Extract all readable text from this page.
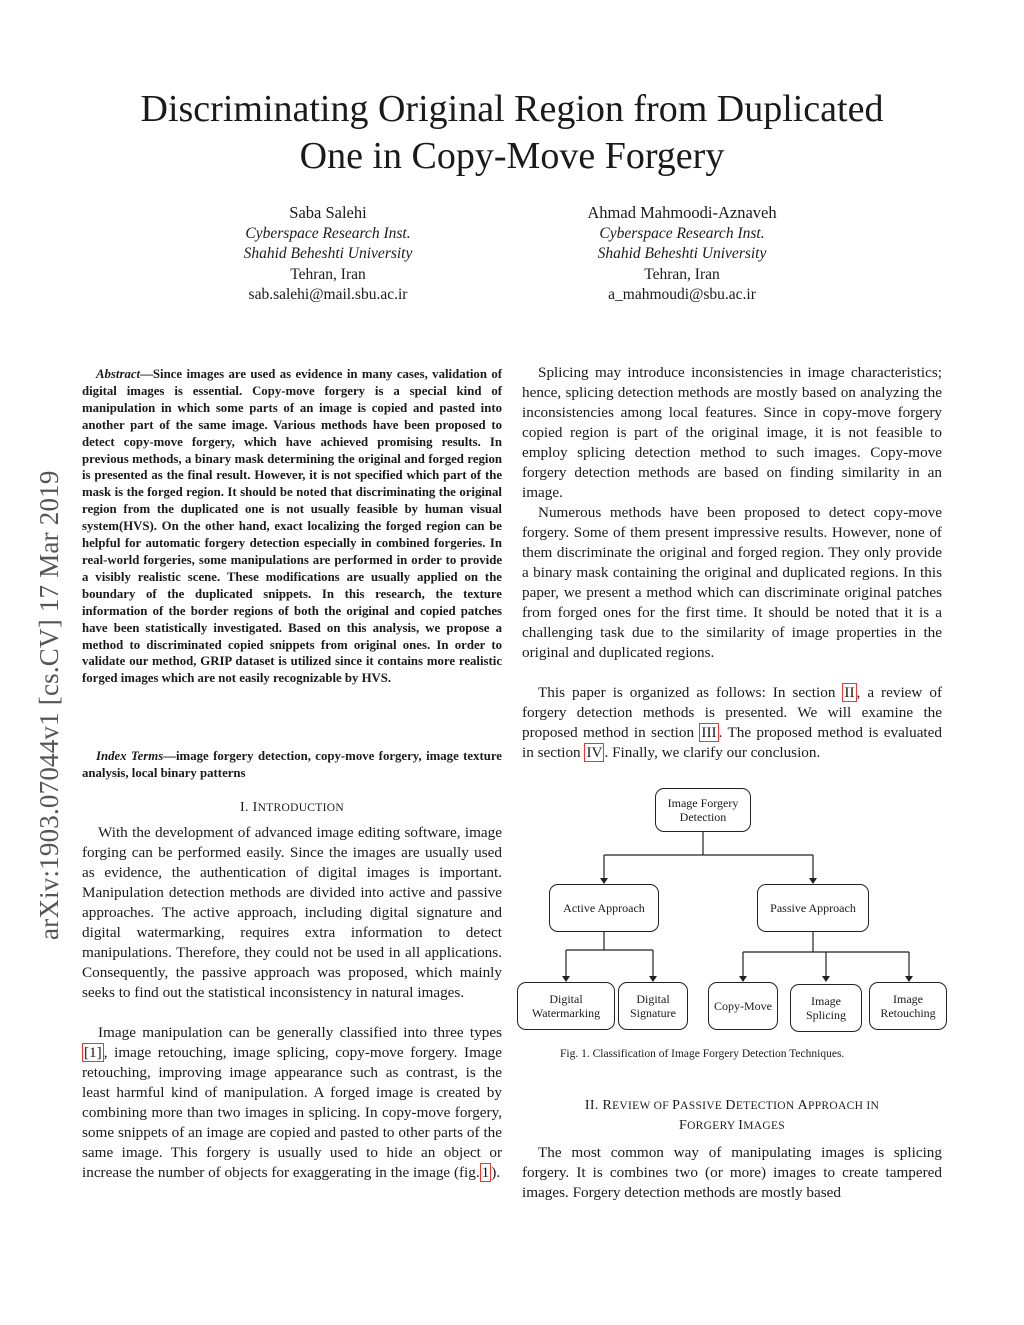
Discriminating Original Region from Duplicated
One in Copy-Move Forgery
Saba Salehi
Cyberspace Research Inst.
Shahid Beheshti University
Tehran, Iran
sab.salehi@mail.sbu.ac.ir
Ahmad Mahmoodi-Aznaveh
Cyberspace Research Inst.
Shahid Beheshti University
Tehran, Iran
a_mahmoudi@sbu.ac.ir
arXiv:1903.07044v1 [cs.CV] 17 Mar 2019

Abstract—Since images are used as evidence in many cases, validation of digital images is essential. Copy-move forgery is a special kind of manipulation in which some parts of an image is copied and pasted into another part of the same image. Various methods have been proposed to detect copy-move forgery, which have achieved promising results. In previous methods, a binary mask determining the original and forged region is presented as the final result. However, it is not specified which part of the mask is the forged region. It should be noted that discriminating the original region from the duplicated one is not usually feasible by human visual system(HVS). On the other hand, exact localizing the forged region can be helpful for automatic forgery detection especially in combined forgeries. In real-world forgeries, some manipulations are performed in order to provide a visibly realistic scene. These modifications are usually applied on the boundary of the duplicated snippets. In this research, the texture information of the border regions of both the original and copied patches have been statistically investigated. Based on this analysis, we propose a method to discriminated copied snippets from original ones. In order to validate our method, GRIP dataset is utilized since it contains more realistic forged images which are not easily recognizable by HVS.

Index Terms—image forgery detection, copy-move forgery, image texture analysis, local binary patterns

I. INTRODUCTION

With the development of advanced image editing software, image forging can be performed easily. Since the images are usually used as evidence, the authentication of digital images is important. Manipulation detection methods are divided into active and passive approaches. The active approach, including digital signature and digital watermarking, requires extra information to detect manipulations. Therefore, they could not be used in all applications. Consequently, the passive approach was proposed, which mainly seeks to find out the statistical inconsistency in natural images.

Image manipulation can be generally classified into three types [1] , image retouching, image splicing, copy-move forgery. Image retouching, improving image appearance such as contrast, is the least harmful kind of manipulation. A forged image is created by combining more than two images in splicing. In copy-move forgery, some snippets of an image are copied and pasted to other parts of the same image. This forgery is usually used to hide an object or increase the number of objects for exaggerating in the image (fig. 1 ).

Splicing may introduce inconsistencies in image characteristics; hence, splicing detection methods are mostly based on analyzing the inconsistencies among local features. Since in copy-move forgery copied region is part of the original image, it is not feasible to employ splicing detection method to such images. Copy-move forgery detection methods are based on finding similarity in an image.

Numerous methods have been proposed to detect copy-move forgery. Some of them present impressive results. However, none of them discriminate the original and forged region. They only provide a binary mask containing the original and duplicated regions. In this paper, we present a method which can discriminate original patches from forged ones for the first time. It should be noted that it is a challenging task due to the similarity of image properties in the original and duplicated regions.

This paper is organized as follows: In section II , a review of forgery detection methods is presented. We will examine the proposed method in section III . The proposed method is evaluated in section IV . Finally, we clarify our conclusion.

Image Forgery
Detection
Active Approach	Passive Approach
Digital
Watermarking
Digital
Signature	Copy-Move	Image
Splicing
Image
Retouching
Fig. 1. Classification of Image Forgery Detection Techniques.
II. REVIEW OF PASSIVE DETECTION APPROACH IN
FORGERY IMAGES

The most common way of manipulating images is splicing forgery. It is combines two (or more) images to create tampered images. Forgery detection methods are mostly based
